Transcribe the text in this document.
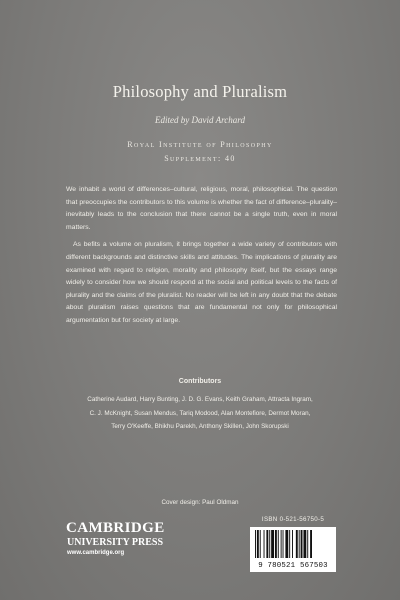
Philosophy and Pluralism
Edited by David Archard
Royal Institute of Philosophy
Supplement: 40

We inhabit a world of differences–cultural, religious, moral, philosophical. The question that preoccupies the contributors to this volume is whether the fact of difference–plurality–inevitably leads to the conclusion that there cannot be a single truth, even in moral matters.

As befits a volume on pluralism, it brings together a wide variety of contributors with different backgrounds and distinctive skills and attitudes. The implications of plurality are examined with regard to religion, morality and philosophy itself, but the essays range widely to consider how we should respond at the social and political levels to the facts of plurality and the claims of the pluralist. No reader will be left in any doubt that the debate about pluralism raises questions that are fundamental not only for philosophical argumentation but for society at large.

Contributors
Catherine Audard, Harry Bunting, J. D. G. Evans, Keith Graham, Attracta Ingram,
C. J. McKnight, Susan Mendus, Tariq Modood, Alan Montefiore, Dermot Moran,
Terry O'Keeffe, Bhikhu Parekh, Anthony Skillen, John Skorupski
Cover design: Paul Oldman
CAMBRIDGE
UNIVERSITY PRESS
www.cambridge.org
ISBN 0-521-56750-5
9 780521 567503
